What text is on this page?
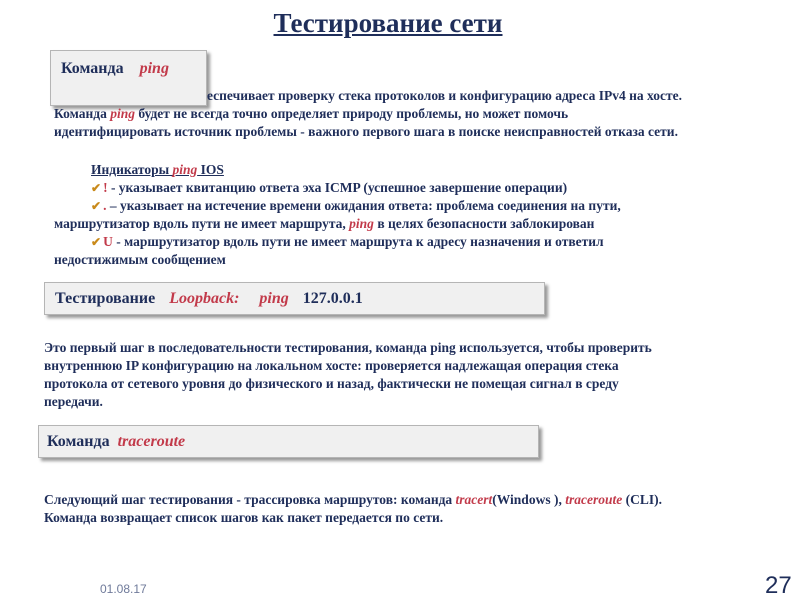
Тестирование сети
Команда ping
еспечивает проверку стека протоколов и конфигурацию адреса IPv4 на хосте.
Команда ping будет не всегда точно определяет природу проблемы, но может помочь
идентифицировать источник проблемы - важного первого шага в поиске неисправностей отказа сети.
Индикаторы ping IOS
✔ ! - указывает квитанцию ответа эха ICMP (успешное завершение операции)
✔ . – указывает на истечение времени ожидания ответа: проблема соединения на пути,
маршрутизатор вдоль пути не имеет маршрута, ping в целях безопасности заблокирован
✔ U - маршрутизатор вдоль пути не имеет маршрута к адресу назначения и ответил
недостижимым сообщением
Тестирование Loopback: ping 127.0.0.1
Это первый шаг в последовательности тестирования, команда ping используется, чтобы проверить
внутреннюю IP конфигурацию на локальном хосте: проверяется надлежащая операция стека
протокола от сетевого уровня до физического и назад, фактически не помещая сигнал в среду
передачи.
Команда traceroute
Следующий шаг тестирования - трассировка маршрутов: команда tracert(Windows ), traceroute (CLI).
Команда возвращает список шагов как пакет передается по сети.
01.08.17	27
